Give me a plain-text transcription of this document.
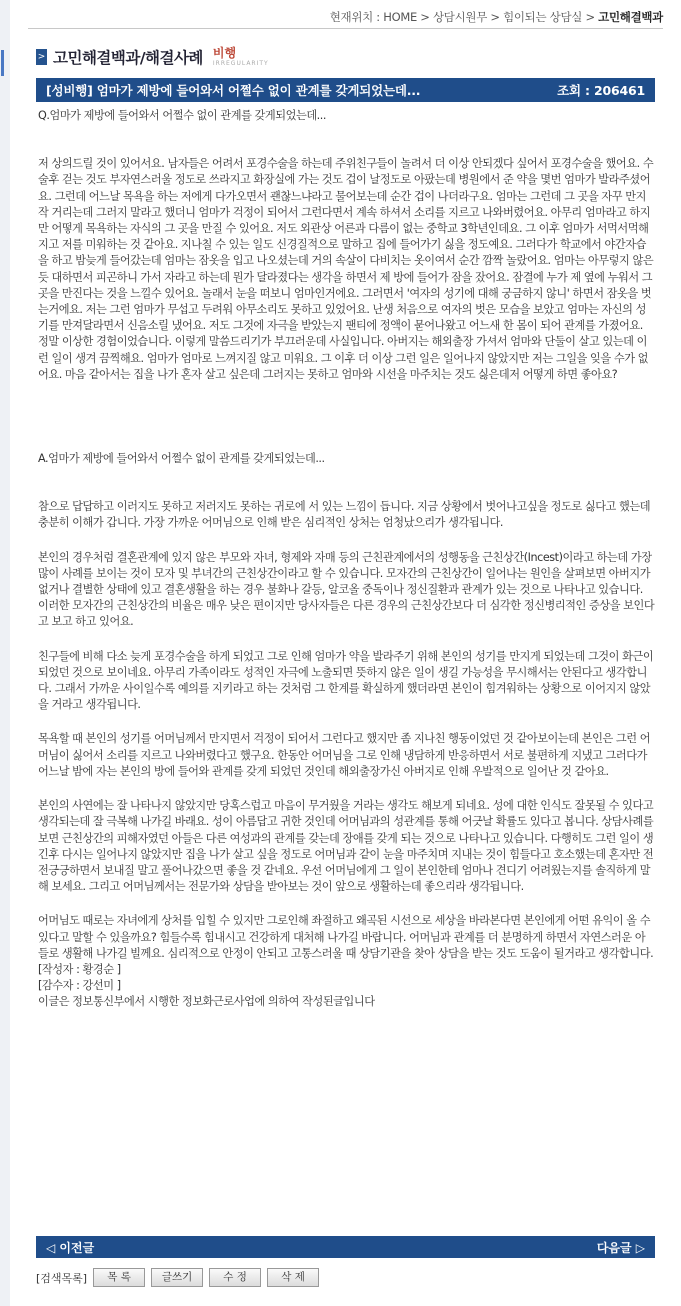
현재위치 : HOME > 상담시원무 > 힘이되는 상담실 > 고민해결백과
> 고민해결백과/해결사례 비행
IRREGULARITY
[성비행] 엄마가 제방에 들어와서 어쩔수 없이 관계를 갖게되었는데...	조회 : 206461

Q.엄마가 제방에 들어와서 어쩔수 없이 관계를 갖게되었는데...

저 상의드릴 것이 있어서요. 남자들은 어려서 포경수술을 하는데 주위친구들이 놀려서 더 이상 안되겠다 싶어서 포경수술을 했어요. 수술후 걷는 것도 부자연스러울 정도로 쓰라지고 화장실에 가는 것도 겁이 날정도로 아팠는데 병원에서 준 약을 몇번 엄마가 발라주셨어요. 그런데 어느날 목욕을 하는 저에게 다가오면서 괜찮느냐라고 물어보는데 순간 겁이 나더라구요. 엄마는 그런데 그 곳을 자꾸 만지작 거리는데 그러지 말라고 했더니 엄마가 걱정이 되어서 그런다면서 계속 하셔서 소리를 지르고 나와버렸어요. 아무리 엄마라고 하지만 어떻게 목욕하는 자식의 그 곳을 만질 수 있어요. 저도 외관상 어른과 다름이 없는 중학교 3학년인데요. 그 이후 엄마가 서먹서먹해지고 저를 미워하는 것 같아요. 지나칠 수 있는 일도 신경질적으로 말하고 집에 들어가기 싫을 정도예요. 그러다가 학교에서 야간자습을 하고 밤늦게 들어갔는데 엄마는 잠옷을 입고 나오셨는데 거의 속살이 다비치는 옷이여서 순간 깜짝 놀랐어요. 엄마는 아무렇지 않은 듯 대하면서 피곤하니 가서 자라고 하는데 뭔가 달라졌다는 생각을 하면서 제 방에 들어가 잠을 잤어요. 잠결에 누가 제 옆에 누워서 그곳을 만진다는 것을 느낄수 있어요. 놀래서 눈을 떠보니 엄마인거에요. 그러면서 '여자의 성기에 대해 궁금하지 않니' 하면서 잠옷을 벗는거에요. 저는 그런 엄마가 무섭고 두려워 아무소리도 못하고 있었어요. 난생 처음으로 여자의 벗은 모습을 보았고 엄마는 자신의 성기를 만져달라면서 신음소릴 냈어요. 저도 그것에 자극을 받았는지 팬티에 정액이 묻어나왔고 어느새 한 몸이 되어 관계를 가졌어요. 정말 이상한 경험이었습니다. 이렇게 말씀드리기가 부끄러운데 사실입니다. 아버지는 해외출장 가셔서 엄마와 단둘이 살고 있는데 이런 일이 생겨 끔찍해요. 엄마가 엄마로 느껴지질 않고 미워요. 그 이후 더 이상 그런 일은 일어나지 않았지만 저는 그일을 잊을 수가 없어요. 마음 같아서는 집을 나가 혼자 살고 싶은데 그러지는 못하고 엄마와 시선을 마주치는 것도 싫은데저 어떻게 하면 좋아요?

A.엄마가 제방에 들어와서 어쩔수 없이 관계를 갖게되었는데...

참으로 답답하고 이러지도 못하고 저러지도 못하는 귀로에 서 있는 느낌이 듭니다. 지금 상황에서 벗어나고싶을 정도로 싫다고 했는데 충분히 이해가 갑니다. 가장 가까운 어머님으로 인해 받은 심리적인 상처는 엄청났으리가 생각됩니다.

본인의 경우처럼 결혼관계에 있지 않은 부모와 자녀, 형제와 자매 등의 근친관계에서의 성행동을 근친상간(Incest)이라고 하는데 가장 많이 사례를 보이는 것이 모자 및 부녀간의 근친상간이라고 할 수 있습니다. 모자간의 근친상간이 일어나는 원인을 살펴보면 아버지가 없거나 결별한 상태에 있고 결혼생활을 하는 경우 불화나 갈등, 알코올 중독이나 정신질환과 관계가 있는 것으로 나타나고 있습니다. 이러한 모자간의 근친상간의 비율은 매우 낮은 편이지만 당사자들은 다른 경우의 근친상간보다 더 심각한 정신병리적인 증상을 보인다고 보고 하고 있어요.

친구들에 비해 다소 늦게 포경수술을 하게 되었고 그로 인해 엄마가 약을 발라주기 위해 본인의 성기를 만지게 되었는데 그것이 화근이 되었던 것으로 보이네요. 아무리 가족이라도 성적인 자극에 노출되면 뜻하지 않은 일이 생길 가능성을 무시해서는 안된다고 생각합니다. 그래서 가까운 사이일수록 예의를 지키라고 하는 것처럼 그 한계를 확실하게 했더라면 본인이 힘겨워하는 상황으로 이어지지 않았을 거라고 생각됩니다.

목욕할 때 본인의 성기를 어머님께서 만지면서 걱정이 되어서 그런다고 했지만 좀 지나친 행동이었던 것 같아보이는데 본인은 그런 어머님이 싫어서 소리를 지르고 나와버렸다고 했구요. 한동안 어머님을 그로 인해 냉담하게 반응하면서 서로 불편하게 지냈고 그러다가 어느날 밤에 자는 본인의 방에 들어와 관계를 갖게 되었던 것인데 해외출장가신 아버지로 인해 우발적으로 일어난 것 같아요.

본인의 사연에는 잘 나타나지 않았지만 당혹스럽고 마음이 무거웠을 거라는 생각도 해보게 되네요. 성에 대한 인식도 잘못될 수 있다고 생각되는데 잘 극복해 나가길 바래요. 성이 아름답고 귀한 것인데 어머님과의 성관계를 통해 어긋날 확률도 있다고 봅니다. 상담사례를 보면 근친상간의 피해자였던 아들은 다른 여성과의 관계를 갖는데 장애를 갖게 되는 것으로 나타나고 있습니다. 다행히도 그런 일이 생긴후 다시는 일어나지 않았지만 집을 나가 살고 싶을 정도로 어머님과 같이 눈을 마주치며 지내는 것이 힘들다고 호소했는데 혼자만 전전긍긍하면서 보내질 말고 풀어나갔으면 좋을 것 같네요. 우선 어머님에게 그 일이 본인한테 엄마나 견디기 어려웠는지를 솔직하게 말해 보세요. 그리고 어머님께서는 전문가와 상담을 받아보는 것이 앞으로 생활하는데 좋으리라 생각됩니다.

어머님도 때로는 자녀에게 상처를 입힐 수 있지만 그로인해 좌절하고 왜곡된 시선으로 세상을 바라본다면 본인에게 어떤 유익이 올 수 있다고 말할 수 있을까요? 힘들수록 힘내시고 건강하게 대처해 나가길 바랍니다. 어머님과 관계를 더 분명하게 하면서 자연스러운 아들로 생활해 나가길 빌께요. 심리적으로 안정이 안되고 고통스러울 때 상담기관을 찾아 상담을 받는 것도 도움이 될거라고 생각합니다.

[작성자 : 황경순 ]

[감수자 : 강선미 ]

이글은 정보통신부에서 시행한 정보화근로사업에 의하여 작성된글입니다

◁ 이전글	다음글 ▷
[검색목록]	목 록	글쓰기	수 정	삭 제
